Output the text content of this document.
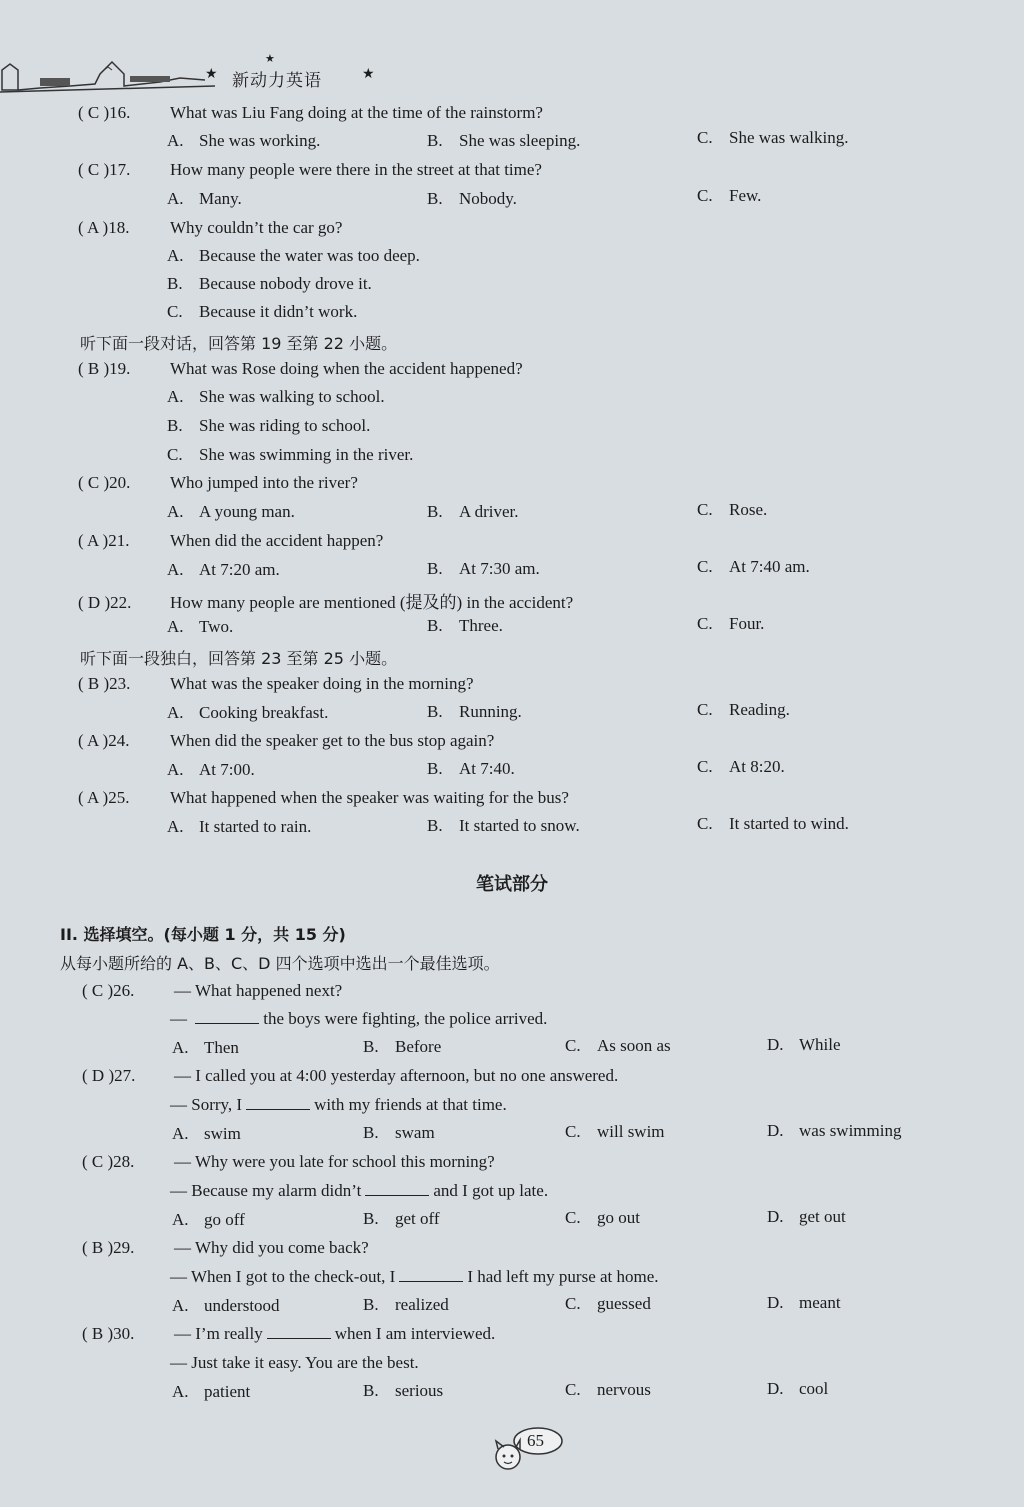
★
★
新动力英语	★
( C )16. What was Liu Fang doing at the time of the rainstorm?
A. She was working.	B. She was sleeping.	C. She was walking.
( C )17. How many people were there in the street at that time?
A. Many.	B. Nobody.	C. Few.
( A )18. Why couldn’t the car go?
A. Because the water was too deep.
B. Because nobody drove it.
C. Because it didn’t work.
听下面一段对话，回答第 19 至第 22 小题。
( B )19. What was Rose doing when the accident happened?
A. She was walking to school.
B. She was riding to school.
C. She was swimming in the river.
( C )20. Who jumped into the river?
A. A young man.	B. A driver.	C. Rose.
( A )21. When did the accident happen?
A. At 7:20 am.	B. At 7:30 am.	C. At 7:40 am.
( D )22. How many people are mentioned (提及的) in the accident?
A. Two.	B. Three.	C. Four.
听下面一段独白，回答第 23 至第 25 小题。
( B )23. What was the speaker doing in the morning?
A. Cooking breakfast.	B. Running.	C. Reading.
( A )24. When did the speaker get to the bus stop again?
A. At 7:00.	B. At 7:40.	C. At 8:20.
( A )25. What happened when the speaker was waiting for the bus?
A. It started to rain.	B. It started to snow.	C. It started to wind.
笔试部分
II. 选择填空。(每小题 1 分，共 15 分)
从每小题所给的 A、B、C、D 四个选项中选出一个最佳选项。
( C )26. — What happened next?
—	the boys were fighting, the police arrived.
A. Then	B. Before	C. As soon as	D. While
( D )27. — I called you at 4:00 yesterday afternoon, but no one answered.
— Sorry, I	with my friends at that time.
A. swim	B. swam	C. will swim	D. was swimming
( C )28. — Why were you late for school this morning?
— Because my alarm didn’t	and I got up late.
A. go off	B. get off	C. go out	D. get out
( B )29. — Why did you come back?
— When I got to the check-out, I	I had left my purse at home.
A. understood	B. realized	C. guessed	D. meant
( B )30. — I’m really	when I am interviewed.
— Just take it easy. You are the best.
A. patient	B. serious	C. nervous	D. cool
65
